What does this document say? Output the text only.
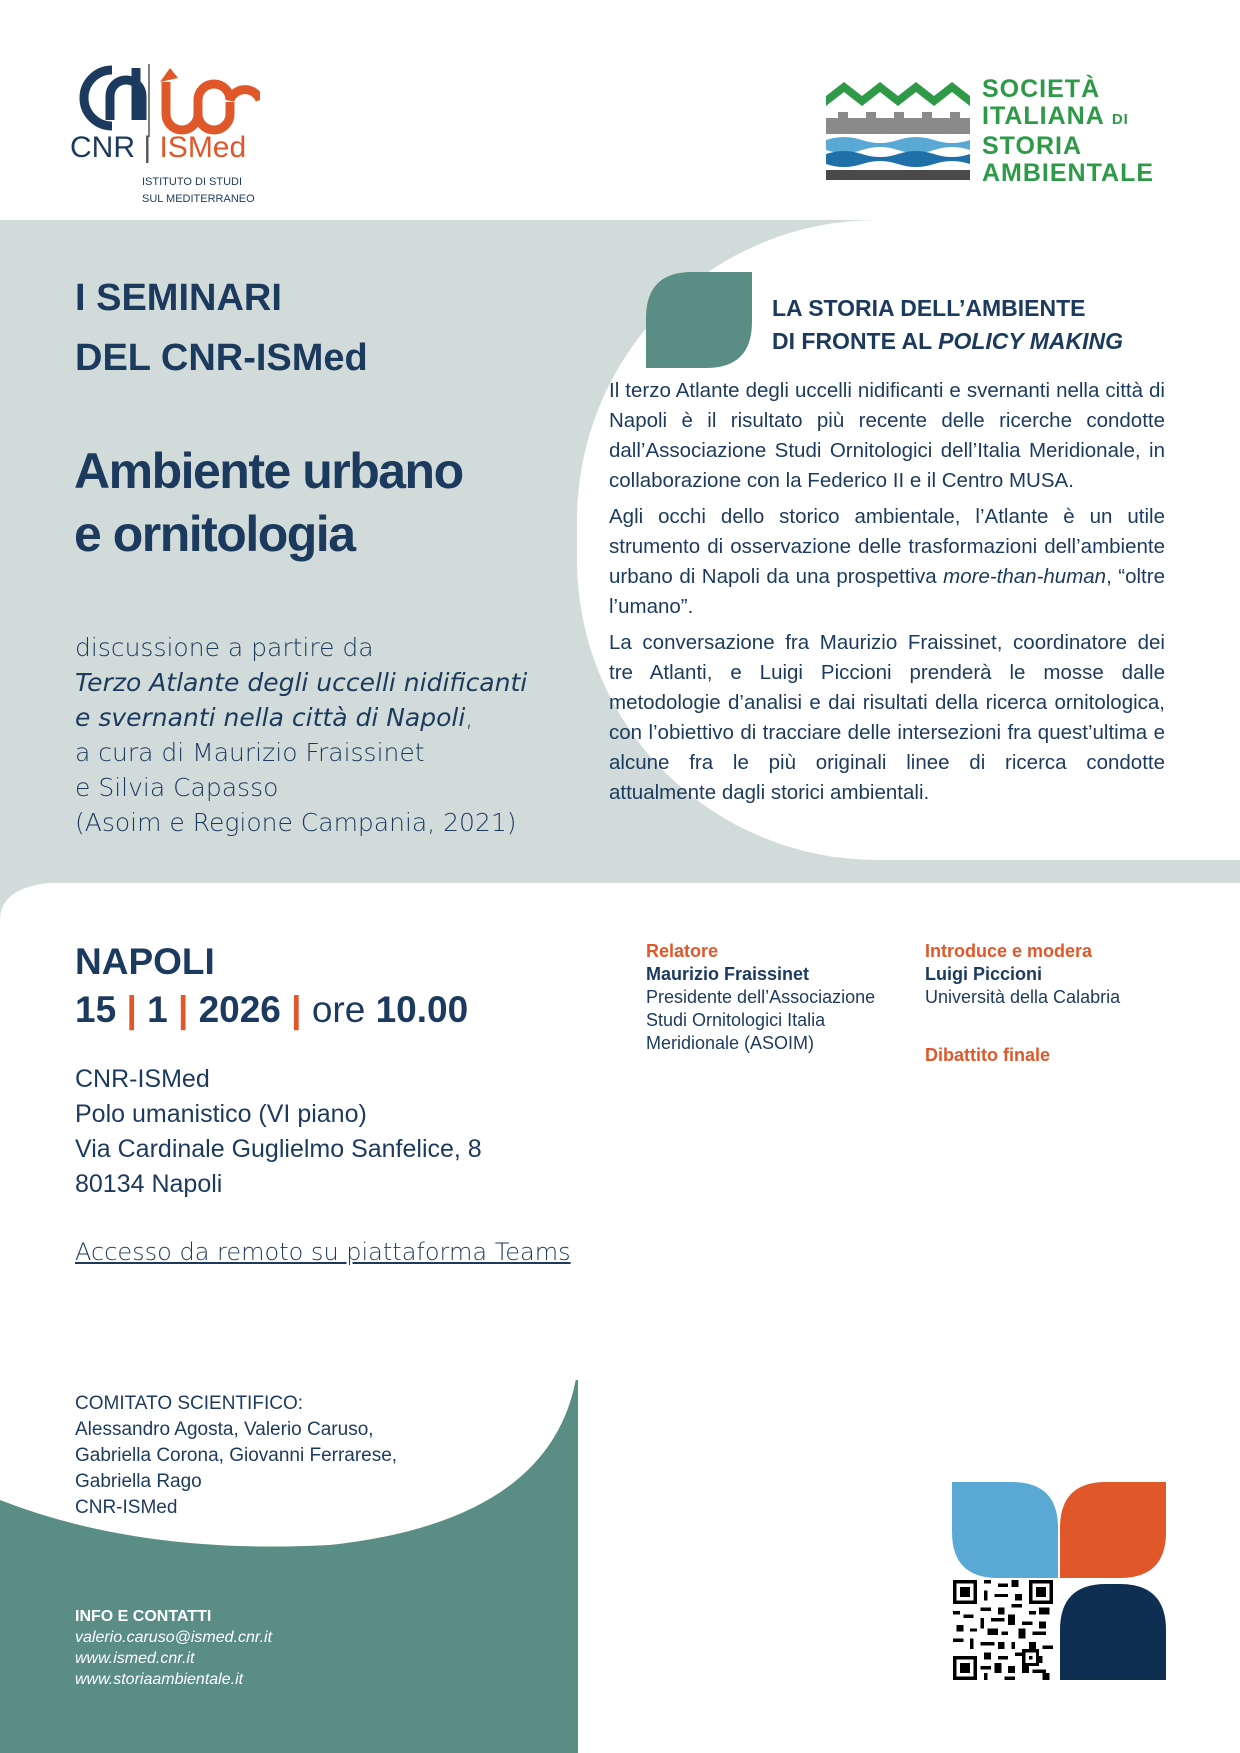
CNR | ISMed
ISTITUTO DI STUDI
SUL MEDITERRANEO
SOCIETÀ
ITALIANA DI
STORIA
AMBIENTALE
I SEMINARI
DEL CNR-ISMed
Ambiente urbano
e ornitologia
discussione a partire da
Terzo Atlante degli uccelli nidificanti
e svernanti nella città di Napoli,
a cura di Maurizio Fraissinet
e Silvia Capasso
(Asoim e Regione Campania, 2021)
LA STORIA DELL’AMBIENTE
DI FRONTE AL POLICY MAKING

Il terzo Atlante degli uccelli nidificanti e svernanti nella città di Napoli è il risultato più recente delle ricerche condotte dall’Associazione Studi Ornitologici dell’Italia Meridionale, in collaborazione con la Federico II e il Centro MUSA.

Agli occhi dello storico ambientale, l’Atlante è un utile strumento di osservazione delle trasformazioni dell’ambiente urbano di Napoli da una prospettiva more-than-human, “oltre l’umano”.

La conversazione fra Maurizio Fraissinet, coordinatore dei tre Atlanti, e Luigi Piccioni prenderà le mosse dalle metodologie d’analisi e dai risultati della ricerca ornitologica, con l’obiettivo di tracciare delle intersezioni fra quest’ultima e alcune fra le più originali linee di ricerca condotte attualmente dagli storici ambientali.

NAPOLI
15 | 1 | 2026 | ore 10.00
CNR-ISMed
Polo umanistico (VI piano)
Via Cardinale Guglielmo Sanfelice, 8
80134 Napoli
Accesso da remoto su piattaforma Teams
Relatore
Maurizio Fraissinet
Presidente dell’Associazione
Studi Ornitologici Italia
Meridionale (ASOIM)
Introduce e modera
Luigi Piccioni
Università della Calabria
Dibattito finale
COMITATO SCIENTIFICO:
Alessandro Agosta, Valerio Caruso,
Gabriella Corona, Giovanni Ferrarese,
Gabriella Rago
CNR-ISMed
INFO E CONTATTI
valerio.caruso@ismed.cnr.it
www.ismed.cnr.it
www.storiaambientale.it
